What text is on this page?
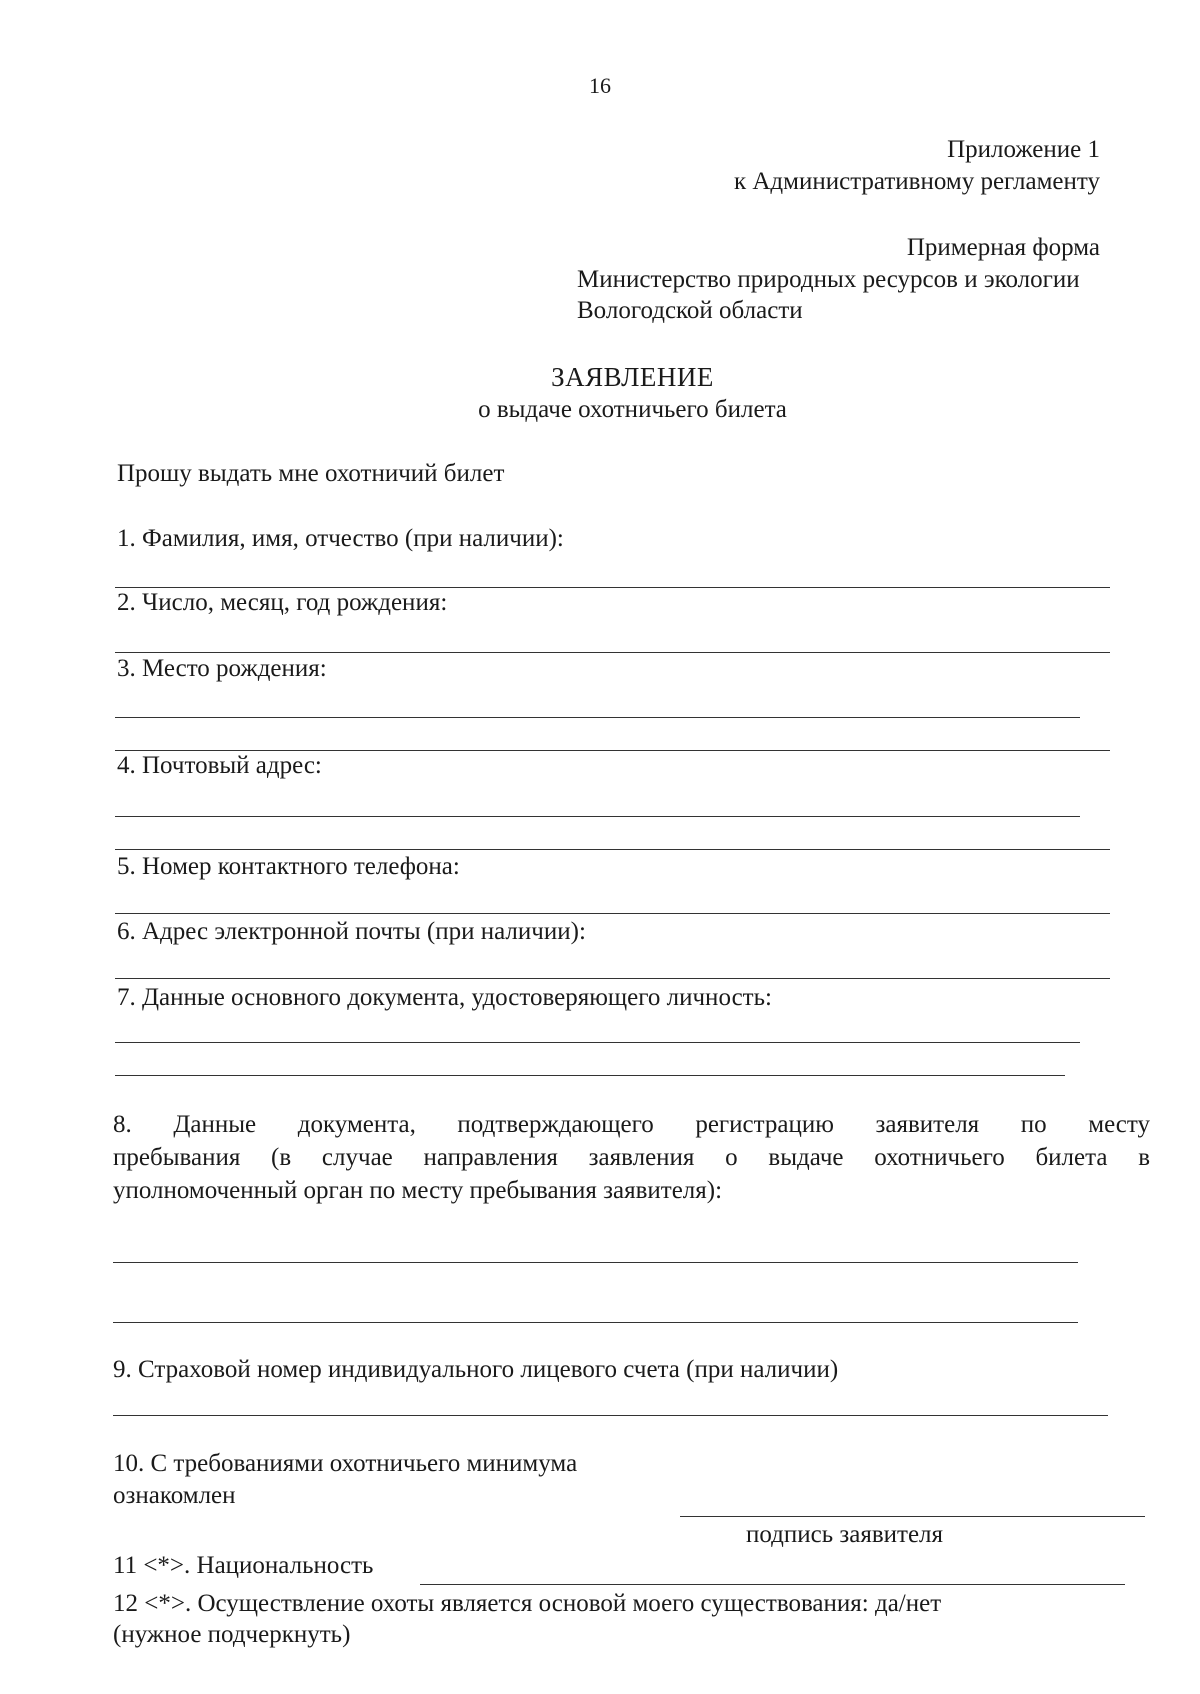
16
Приложение 1
к Административному регламенту
Примерная форма
Министерство природных ресурсов и экологии
Вологодской области
ЗАЯВЛЕНИЕ
о выдаче охотничьего билета
Прошу выдать мне охотничий билет
1. Фамилия, имя, отчество (при наличии):
2. Число, месяц, год рождения:
3. Место рождения:
4. Почтовый адрес:
5. Номер контактного телефона:
6. Адрес электронной почты (при наличии):
7. Данные основного документа, удостоверяющего личность:
8. Данные документа, подтверждающего регистрацию заявителя по месту
пребывания (в случае направления заявления о выдаче охотничьего билета в
уполномоченный орган по месту пребывания заявителя):
9. Страховой номер индивидуального лицевого счета (при наличии)
10. С требованиями охотничьего минимума
ознакомлен
подпись заявителя
11 <*>. Национальность
12 <*>. Осуществление охоты является основой моего существования: да/нет
(нужное подчеркнуть)
